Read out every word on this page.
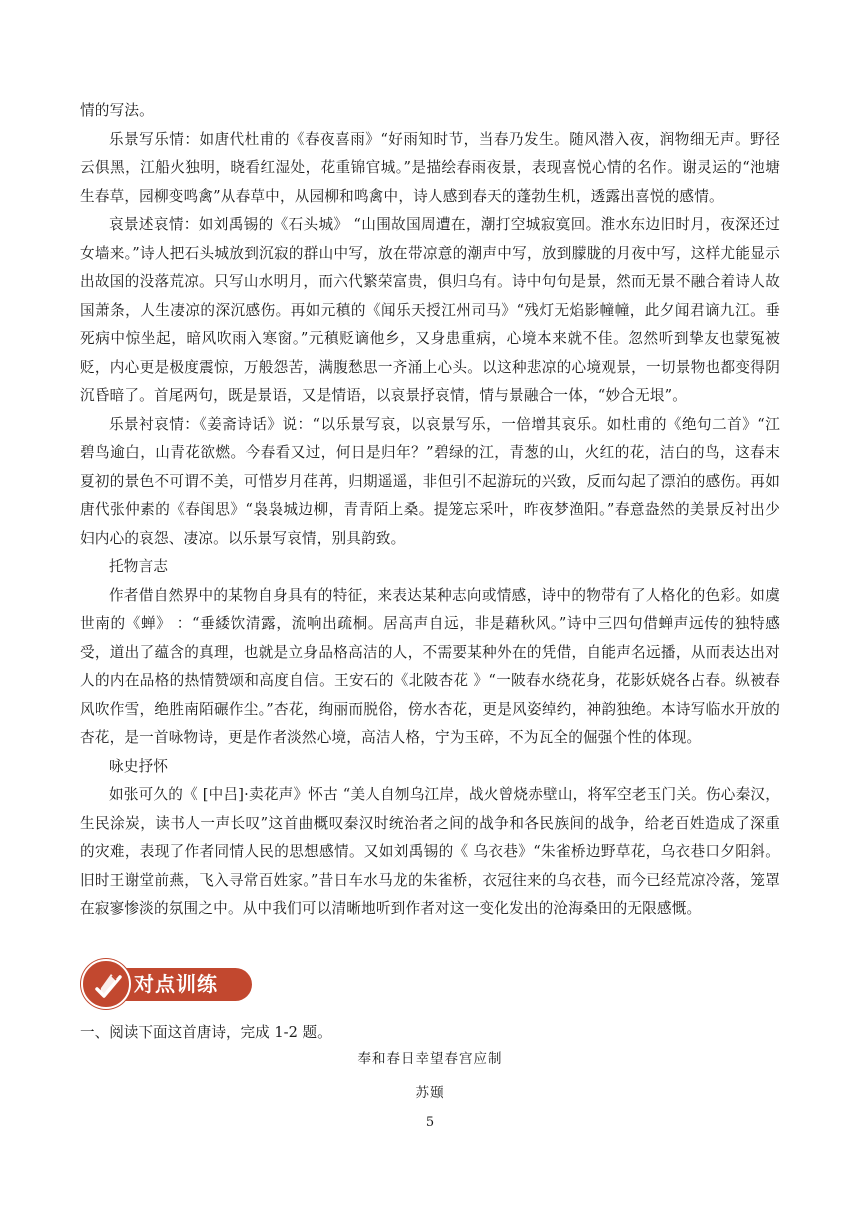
情的写法。

乐景写乐情：如唐代杜甫的《春夜喜雨》“好雨知时节，当春乃发生。随风潜入夜，润物细无声。野径云俱黑，江船火独明，晓看红湿处，花重锦官城。”是描绘春雨夜景，表现喜悦心情的名作。谢灵运的“池塘生春草，园柳变鸣禽”从春草中，从园柳和鸣禽中，诗人感到春天的蓬勃生机，透露出喜悦的感情。

哀景述哀情：如刘禹锡的《石头城》 “山围故国周遭在，潮打空城寂寞回。淮水东边旧时月，夜深还过女墙来。”诗人把石头城放到沉寂的群山中写，放在带凉意的潮声中写，放到朦胧的月夜中写，这样尤能显示出故国的没落荒凉。只写山水明月，而六代繁荣富贵，俱归乌有。诗中句句是景，然而无景不融合着诗人故国萧条，人生凄凉的深沉感伤。再如元稹的《闻乐天授江州司马》“残灯无焰影幢幢，此夕闻君谪九江。垂死病中惊坐起，暗风吹雨入寒窗。”元稹贬谪他乡，又身患重病，心境本来就不佳。忽然听到挚友也蒙冤被贬，内心更是极度震惊，万般怨苦，满腹愁思一齐涌上心头。以这种悲凉的心境观景，一切景物也都变得阴沉昏暗了。首尾两句，既是景语，又是情语，以哀景抒哀情，情与景融合一体，“妙合无垠”。

乐景衬哀情：《姜斋诗话》说：“以乐景写哀，以哀景写乐，一倍增其哀乐。如杜甫的《绝句二首》“江碧鸟逾白，山青花欲燃。今春看又过，何日是归年？”碧绿的江，青葱的山，火红的花，洁白的鸟，这春末夏初的景色不可谓不美，可惜岁月荏苒，归期遥遥，非但引不起游玩的兴致，反而勾起了漂泊的感伤。再如唐代张仲素的《春闺思》“袅袅城边柳，青青陌上桑。提笼忘采叶，昨夜梦渔阳。”春意盎然的美景反衬出少妇内心的哀怨、凄凉。以乐景写哀情，别具韵致。

托物言志

作者借自然界中的某物自身具有的特征，来表达某种志向或情感，诗中的物带有了人格化的色彩。如虞世南的《蝉》 ：“垂緌饮清露，流响出疏桐。居高声自远，非是藉秋风。”诗中三四句借蝉声远传的独特感受，道出了蕴含的真理，也就是立身品格高洁的人，不需要某种外在的凭借，自能声名远播，从而表达出对人的内在品格的热情赞颂和高度自信。王安石的《北陂杏花 》“一陂春水绕花身，花影妖娆各占春。纵被春风吹作雪，绝胜南陌碾作尘。”杏花，绚丽而脱俗，傍水杏花，更是风姿绰约，神韵独绝。本诗写临水开放的杏花，是一首咏物诗，更是作者淡然心境，高洁人格，宁为玉碎，不为瓦全的倔强个性的体现。

咏史抒怀

如张可久的《 [中吕]·卖花声》怀古 “美人自刎乌江岸，战火曾烧赤壁山，将军空老玉门关。伤心秦汉，生民涂炭，读书人一声长叹”这首曲概叹秦汉时统治者之间的战争和各民族间的战争，给老百姓造成了深重的灾难，表现了作者同情人民的思想感情。又如刘禹锡的《 乌衣巷》“朱雀桥边野草花，乌衣巷口夕阳斜。旧时王谢堂前燕，飞入寻常百姓家。”昔日车水马龙的朱雀桥，衣冠往来的乌衣巷，而今已经荒凉冷落，笼罩在寂寥惨淡的氛围之中。从中我们可以清晰地听到作者对这一变化发出的沧海桑田的无限感慨。

对点训练
一、阅读下面这首唐诗，完成 1-2 题。
奉和春日幸望春宫应制
苏颋
5
